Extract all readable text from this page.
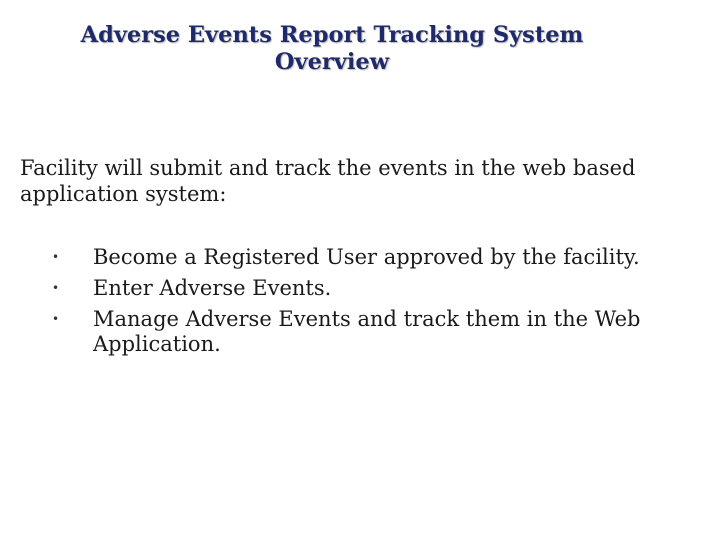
Adverse Events Report Tracking System
Overview
Facility will submit and track the events in the web based application system:
• Become a Registered User approved by the facility.
• Enter Adverse Events.
• Manage Adverse Events and track them in the Web Application.
